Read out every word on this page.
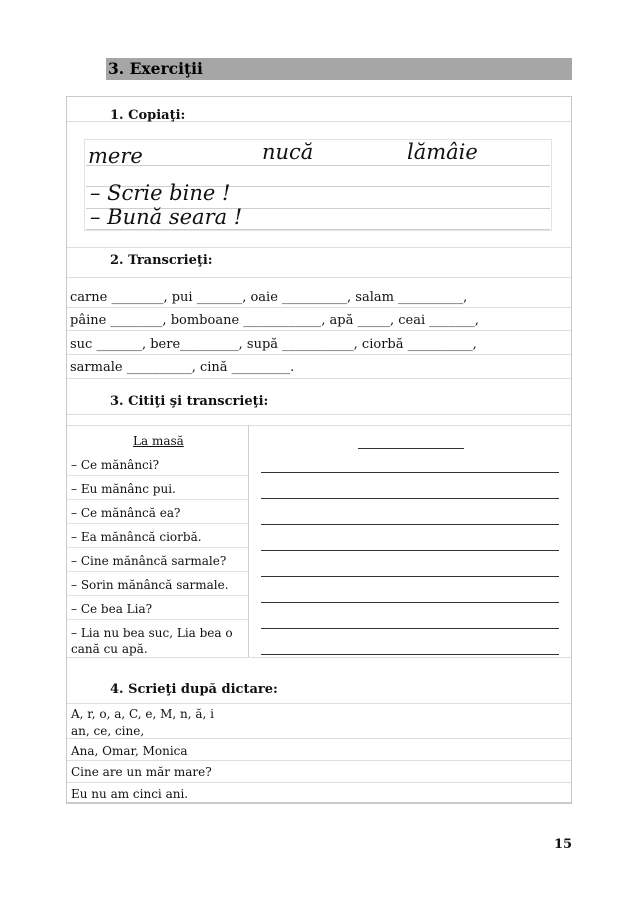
3. Exerciţii
1. Copiaţi:
mere	nucă	lămâie
– Scrie bine !
– Bună seara !
2. Transcrieţi:
carne ________, pui _______, oaie __________, salam __________,
pâine ________, bomboane ____________, apă _____, ceai _______,
suc _______, bere_________, supă ___________, ciorbă __________,
sarmale __________, cină _________.
3. Citiţi şi transcrieţi:
La masă
– Ce mănânci?
– Eu mănânc pui.
– Ce mănâncă ea?
– Ea mănâncă ciorbă.
– Cine mănâncă sarmale?
– Sorin mănâncă sarmale.
– Ce bea Lia?
– Lia nu bea suc, Lia bea o
cană cu apă.
4. Scrieţi după dictare:
A, r, o, a, C, e, M, n, ă, i
an, ce, cine,
Ana, Omar, Monica
Cine are un măr mare?
Eu nu am cinci ani.
15
